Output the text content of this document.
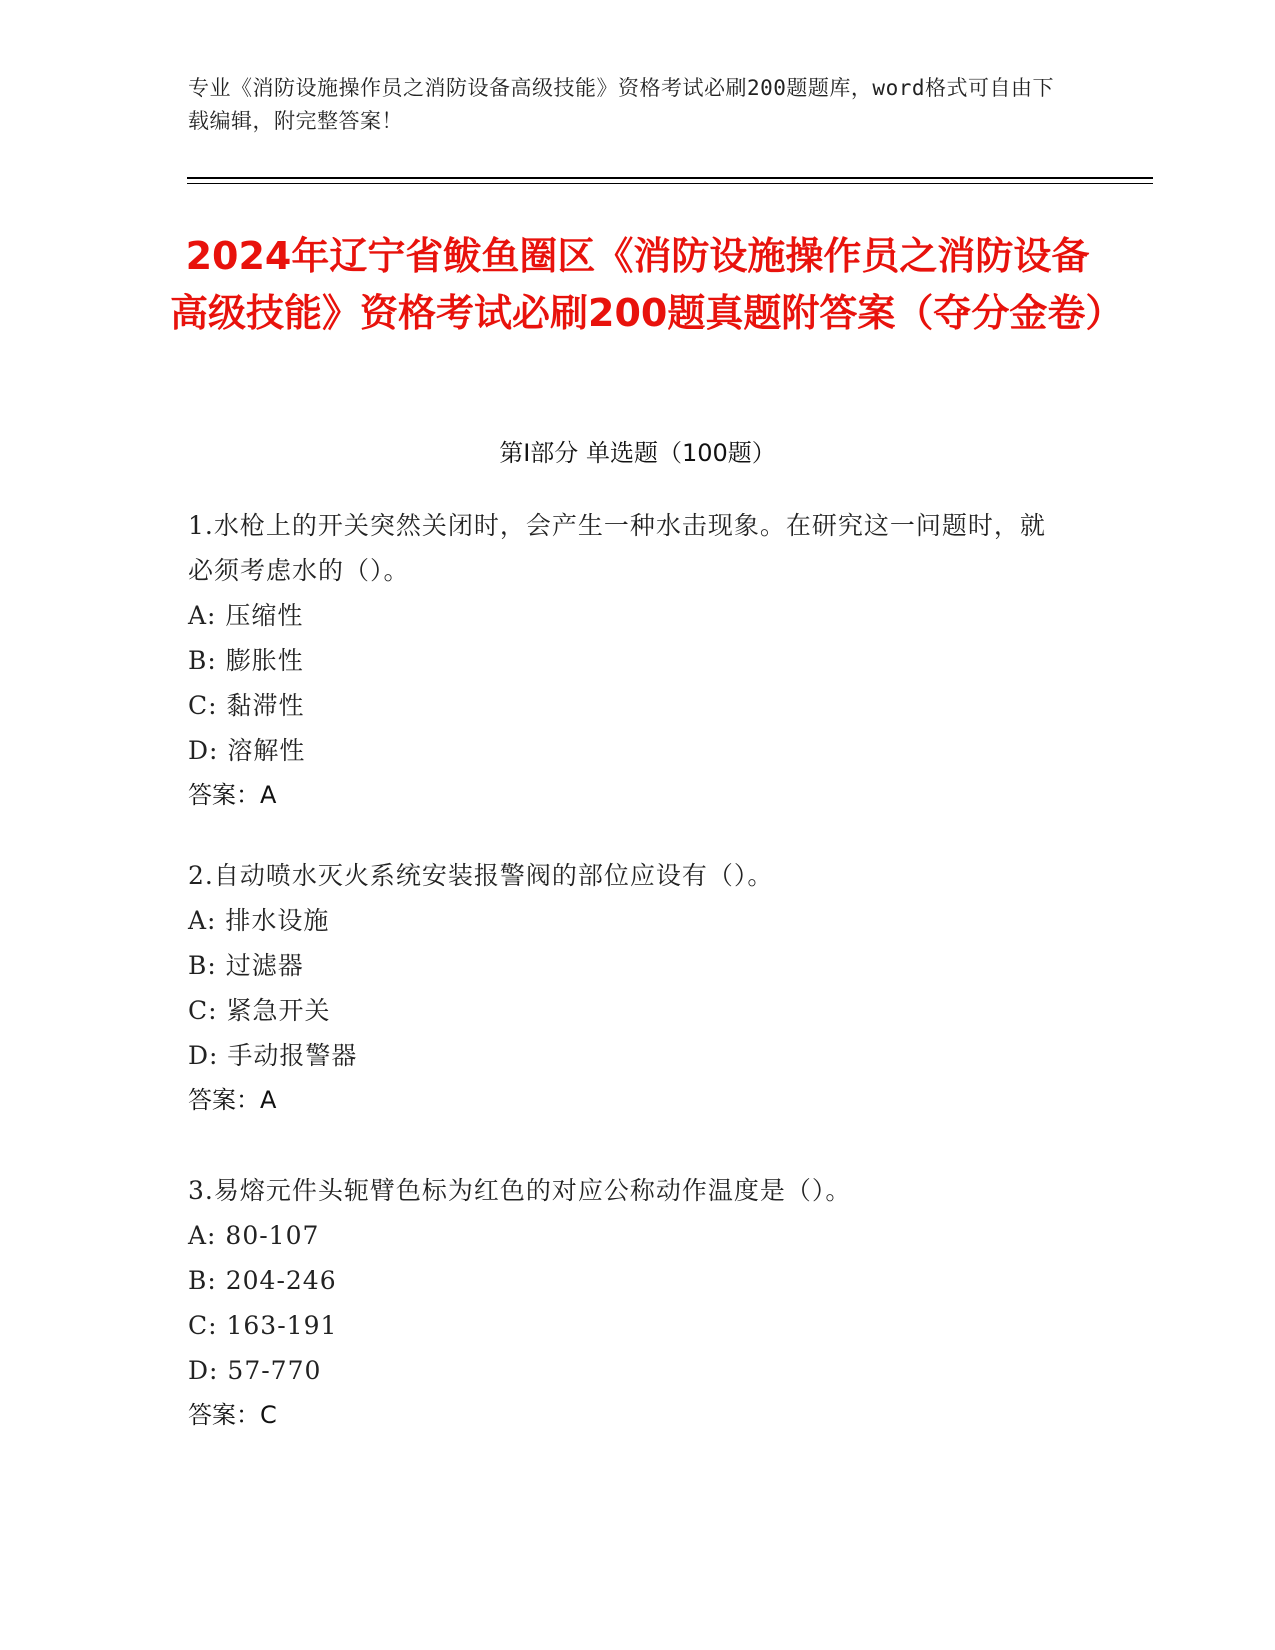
专业《消防设施操作员之消防设备高级技能》资格考试必刷200题题库，word格式可自由下载编辑，附完整答案！
2024年辽宁省鲅鱼圈区《消防设施操作员之消防设备高级技能》资格考试必刷200题真题附答案（夺分金卷）
第I部分 单选题（100题）
1.水枪上的开关突然关闭时，会产生一种水击现象。在研究这一问题时，就必须考虑水的（）。
A: 压缩性
B: 膨胀性
C: 黏滞性
D: 溶解性
答案：A
2.自动喷水灭火系统安装报警阀的部位应设有（）。
A: 排水设施
B: 过滤器
C: 紧急开关
D: 手动报警器
答案：A
3.易熔元件头轭臂色标为红色的对应公称动作温度是（）。
A: 80-107
B: 204-246
C: 163-191
D: 57-770
答案：C
